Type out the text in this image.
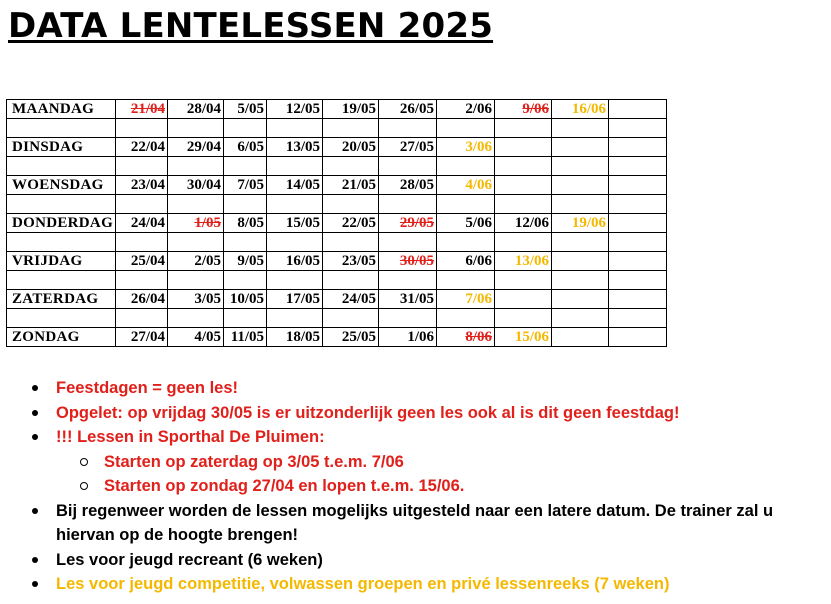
DATA LENTELESSEN 2025
MAANDAG	21/04	28/04	5/05	12/05	19/05	26/05	2/06	9/06	16/06	

DINSDAG	22/04	29/04	6/05	13/05	20/05	27/05	3/06			

WOENSDAG	23/04	30/04	7/05	14/05	21/05	28/05	4/06			

DONDERDAG	24/04	1/05	8/05	15/05	22/05	29/05	5/06	12/06	19/06	

VRIJDAG	25/04	2/05	9/05	16/05	23/05	30/05	6/06	13/06		

ZATERDAG	26/04	3/05	10/05	17/05	24/05	31/05	7/06			

ZONDAG	27/04	4/05	11/05	18/05	25/05	1/06	8/06	15/06		
Feestdagen = geen les!
Opgelet: op vrijdag 30/05 is er uitzonderlijk geen les ook al is dit geen feestdag!
!!! Lessen in Sporthal De Pluimen:
Starten op zaterdag op 3/05 t.e.m. 7/06
Starten op zondag 27/04 en lopen t.e.m. 15/06.
Bij regenweer worden de lessen mogelijks uitgesteld naar een latere datum. De trainer zal u hiervan op de hoogte brengen!
Les voor jeugd recreant (6 weken)
Les voor jeugd competitie, volwassen groepen en privé lessenreeks (7 weken)
